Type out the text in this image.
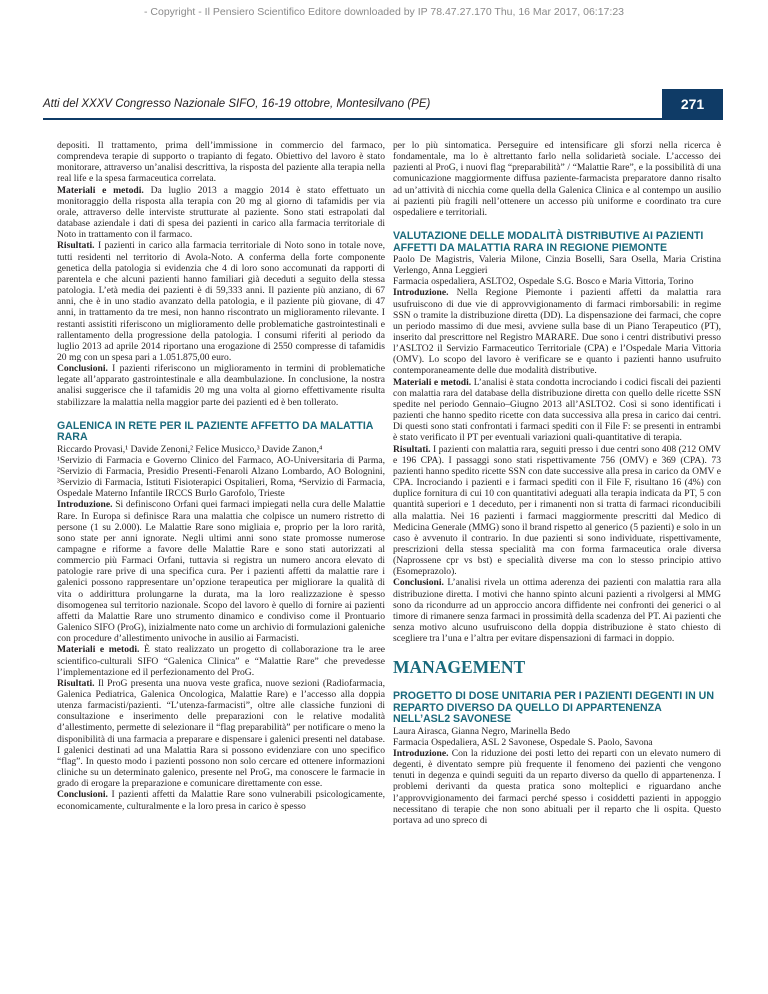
- Copyright - Il Pensiero Scientifico Editore downloaded by IP 78.47.27.170 Thu, 16 Mar 2017, 06:17:23
Atti del XXXV Congresso Nazionale SIFO, 16-19 ottobre, Montesilvano (PE)	271

depositi. Il trattamento, prima dell’immissione in commercio del farmaco, comprendeva terapie di supporto o trapianto di fegato. Obiettivo del lavoro è stato monitorare, attraverso un’analisi descrittiva, la risposta del paziente alla terapia nella real life e la spesa farmaceutica correlata.

Materiali e metodi. Da luglio 2013 a maggio 2014 è stato effettuato un monitoraggio della risposta alla terapia con 20 mg al giorno di tafamidis per via orale, attraverso delle interviste strutturate al paziente. Sono stati estrapolati dal database aziendale i dati di spesa dei pazienti in carico alla farmacia territoriale di Noto in trattamento con il farmaco.

Risultati. I pazienti in carico alla farmacia territoriale di Noto sono in totale nove, tutti residenti nel territorio di Avola-Noto. A conferma della forte componente genetica della patologia si evidenzia che 4 di loro sono accomunati da rapporti di parentela e che alcuni pazienti hanno familiari già deceduti a seguito della stessa patologia. L’età media dei pazienti è di 59,333 anni. Il paziente più anziano, di 67 anni, che è in uno stadio avanzato della patologia, e il paziente più giovane, di 47 anni, in trattamento da tre mesi, non hanno riscontrato un miglioramento rilevante. I restanti assistiti riferiscono un miglioramento delle problematiche gastrointestinali e rallentamento della progressione della patologia. I consumi riferiti al periodo da luglio 2013 ad aprile 2014 riportano una erogazione di 2550 compresse di tafamidis 20 mg con un spesa pari a 1.051.875,00 euro.

Conclusioni. I pazienti riferiscono un miglioramento in termini di problematiche legate all’apparato gastrointestinale e alla deambulazione. In conclusione, la nostra analisi suggerisce che il tafamidis 20 mg una volta al giorno effettivamente risulta stabilizzare la malattia nella maggior parte dei pazienti ed è ben tollerato.

GALENICA IN RETE PER IL PAZIENTE AFFETTO DA MALATTIA RARA

Riccardo Provasi,¹ Davide Zenoni,² Felice Musicco,³ Davide Zanon,⁴

¹Servizio di Farmacia e Governo Clinico del Farmaco, AO-Universitaria di Parma, ²Servizio di Farmacia, Presidio Presenti-Fenaroli Alzano Lombardo, AO Bolognini, ³Servizio di Farmacia, Istituti Fisioterapici Ospitalieri, Roma, ⁴Servizio di Farmacia, Ospedale Materno Infantile IRCCS Burlo Garofolo, Trieste

Introduzione. Si definiscono Orfani quei farmaci impiegati nella cura delle Malattie Rare. In Europa si definisce Rara una malattia che colpisce un numero ristretto di persone (1 su 2.000). Le Malattie Rare sono migliaia e, proprio per la loro rarità, sono state per anni ignorate. Negli ultimi anni sono state promosse numerose campagne e riforme a favore delle Malattie Rare e sono stati autorizzati al commercio più Farmaci Orfani, tuttavia si registra un numero ancora elevato di patologie rare prive di una specifica cura. Per i pazienti affetti da malattie rare i galenici possono rappresentare un’opzione terapeutica per migliorare la qualità di vita o addirittura prolungarne la durata, ma la loro realizzazione è spesso disomogenea sul territorio nazionale. Scopo del lavoro è quello di fornire ai pazienti affetti da Malattie Rare uno strumento dinamico e condiviso come il Prontuario Galenico SIFO (ProG), inizialmente nato come un archivio di formulazioni galeniche con procedure d’allestimento univoche in ausilio ai Farmacisti.

Materiali e metodi. È stato realizzato un progetto di collaborazione tra le aree scientifico-culturali SIFO “Galenica Clinica” e “Malattie Rare” che prevedesse l’implementazione ed il perfezionamento del ProG.

Risultati. Il ProG presenta una nuova veste grafica, nuove sezioni (Radiofarmacia, Galenica Pediatrica, Galenica Oncologica, Malattie Rare) e l’accesso alla doppia utenza farmacisti/pazienti. “L’utenza-farmacisti”, oltre alle classiche funzioni di consultazione e inserimento delle preparazioni con le relative modalità d’allestimento, permette di selezionare il “flag preparabilità” per notificare o meno la disponibilità di una farmacia a preparare e dispensare i galenici presenti nel database. I galenici destinati ad una Malattia Rara si possono evidenziare con uno specifico “flag”. In questo modo i pazienti possono non solo cercare ed ottenere informazioni cliniche su un determinato galenico, presente nel ProG, ma conoscere le farmacie in grado di erogare la preparazione e comunicare direttamente con esse.

Conclusioni. I pazienti affetti da Malattie Rare sono vulnerabili psicologicamente, economicamente, culturalmente e la loro presa in carico è spesso

per lo più sintomatica. Perseguire ed intensificare gli sforzi nella ricerca è fondamentale, ma lo è altrettanto farlo nella solidarietà sociale. L’accesso dei pazienti al ProG, i nuovi flag “preparabilità” / “Malattie Rare”, e la possibilità di una comunicazione maggiormente diffusa paziente-farmacista preparatore danno risalto ad un’attività di nicchia come quella della Galenica Clinica e al contempo un ausilio ai pazienti più fragili nell’ottenere un accesso più uniforme e coordinato tra cure ospedaliere e territoriali.

VALUTAZIONE DELLE MODALITÀ DISTRIBUTIVE AI PAZIENTI AFFETTI DA MALATTIA RARA IN REGIONE PIEMONTE

Paolo De Magistris, Valeria Milone, Cinzia Boselli, Sara Osella, Maria Cristina Verlengo, Anna Leggieri

Farmacia ospedaliera, ASLTO2, Ospedale S.G. Bosco e Maria Vittoria, Torino

Introduzione. Nella Regione Piemonte i pazienti affetti da malattia rara usufruiscono di due vie di approvvigionamento di farmaci rimborsabili: in regime SSN o tramite la distribuzione diretta (DD). La dispensazione dei farmaci, che copre un periodo massimo di due mesi, avviene sulla base di un Piano Terapeutico (PT), inserito dal prescrittore nel Registro MARARE. Due sono i centri distributivi presso l’ASLTO2 il Servizio Farmaceutico Territoriale (CPA) e l’Ospedale Maria Vittoria (OMV). Lo scopo del lavoro è verificare se e quanto i pazienti hanno usufruito contemporaneamente delle due modalità distributive.

Materiali e metodi. L’analisi è stata condotta incrociando i codici fiscali dei pazienti con malattia rara del database della distribuzione diretta con quello delle ricette SSN spedite nel periodo Gennaio–Giugno 2013 all’ASLTO2. Così si sono identificati i pazienti che hanno spedito ricette con data successiva alla presa in carico dai centri. Di questi sono stati confrontati i farmaci spediti con il File F: se presenti in entrambi è stato verificato il PT per eventuali variazioni quali-quantitative di terapia.

Risultati. I pazienti con malattia rara, seguiti presso i due centri sono 408 (212 OMV e 196 CPA). I passaggi sono stati rispettivamente 756 (OMV) e 369 (CPA). 73 pazienti hanno spedito ricette SSN con date successive alla presa in carico da OMV e CPA. Incrociando i pazienti e i farmaci spediti con il File F, risultano 16 (4%) con duplice fornitura di cui 10 con quantitativi adeguati alla terapia indicata da PT, 5 con quantità superiori e 1 deceduto, per i rimanenti non si tratta di farmaci riconducibili alla malattia. Nei 16 pazienti i farmaci maggiormente prescritti dal Medico di Medicina Generale (MMG) sono il brand rispetto al generico (5 pazienti) e solo in un caso è avvenuto il contrario. In due pazienti si sono individuate, rispettivamente, prescrizioni della stessa specialità ma con forma farmaceutica orale diversa (Naprossene cpr vs bst) e specialità diverse ma con lo stesso principio attivo (Esomeprazolo).

Conclusioni. L’analisi rivela un ottima aderenza dei pazienti con malattia rara alla distribuzione diretta. I motivi che hanno spinto alcuni pazienti a rivolgersi al MMG sono da ricondurre ad un approccio ancora diffidente nei confronti dei generici o al timore di rimanere senza farmaci in prossimità della scadenza del PT. Ai pazienti che senza motivo alcuno usufruiscono della doppia distribuzione è stato chiesto di scegliere tra l’una e l’altra per evitare dispensazioni di farmaci in doppio.

MANAGEMENT
PROGETTO DI DOSE UNITARIA PER I PAZIENTI DEGENTI IN UN REPARTO DIVERSO DA QUELLO DI APPARTENENZA NELL’ASL2 SAVONESE

Laura Airasca, Gianna Negro, Marinella Bedo

Farmacia Ospedaliera, ASL 2 Savonese, Ospedale S. Paolo, Savona

Introduzione. Con la riduzione dei posti letto dei reparti con un elevato numero di degenti, è diventato sempre più frequente il fenomeno dei pazienti che vengono tenuti in degenza e quindi seguiti da un reparto diverso da quello di appartenenza. I problemi derivanti da questa pratica sono molteplici e riguardano anche l’approvvigionamento dei farmaci perché spesso i cosiddetti pazienti in appoggio necessitano di terapie che non sono abituali per il reparto che li ospita. Questo portava ad uno spreco di
